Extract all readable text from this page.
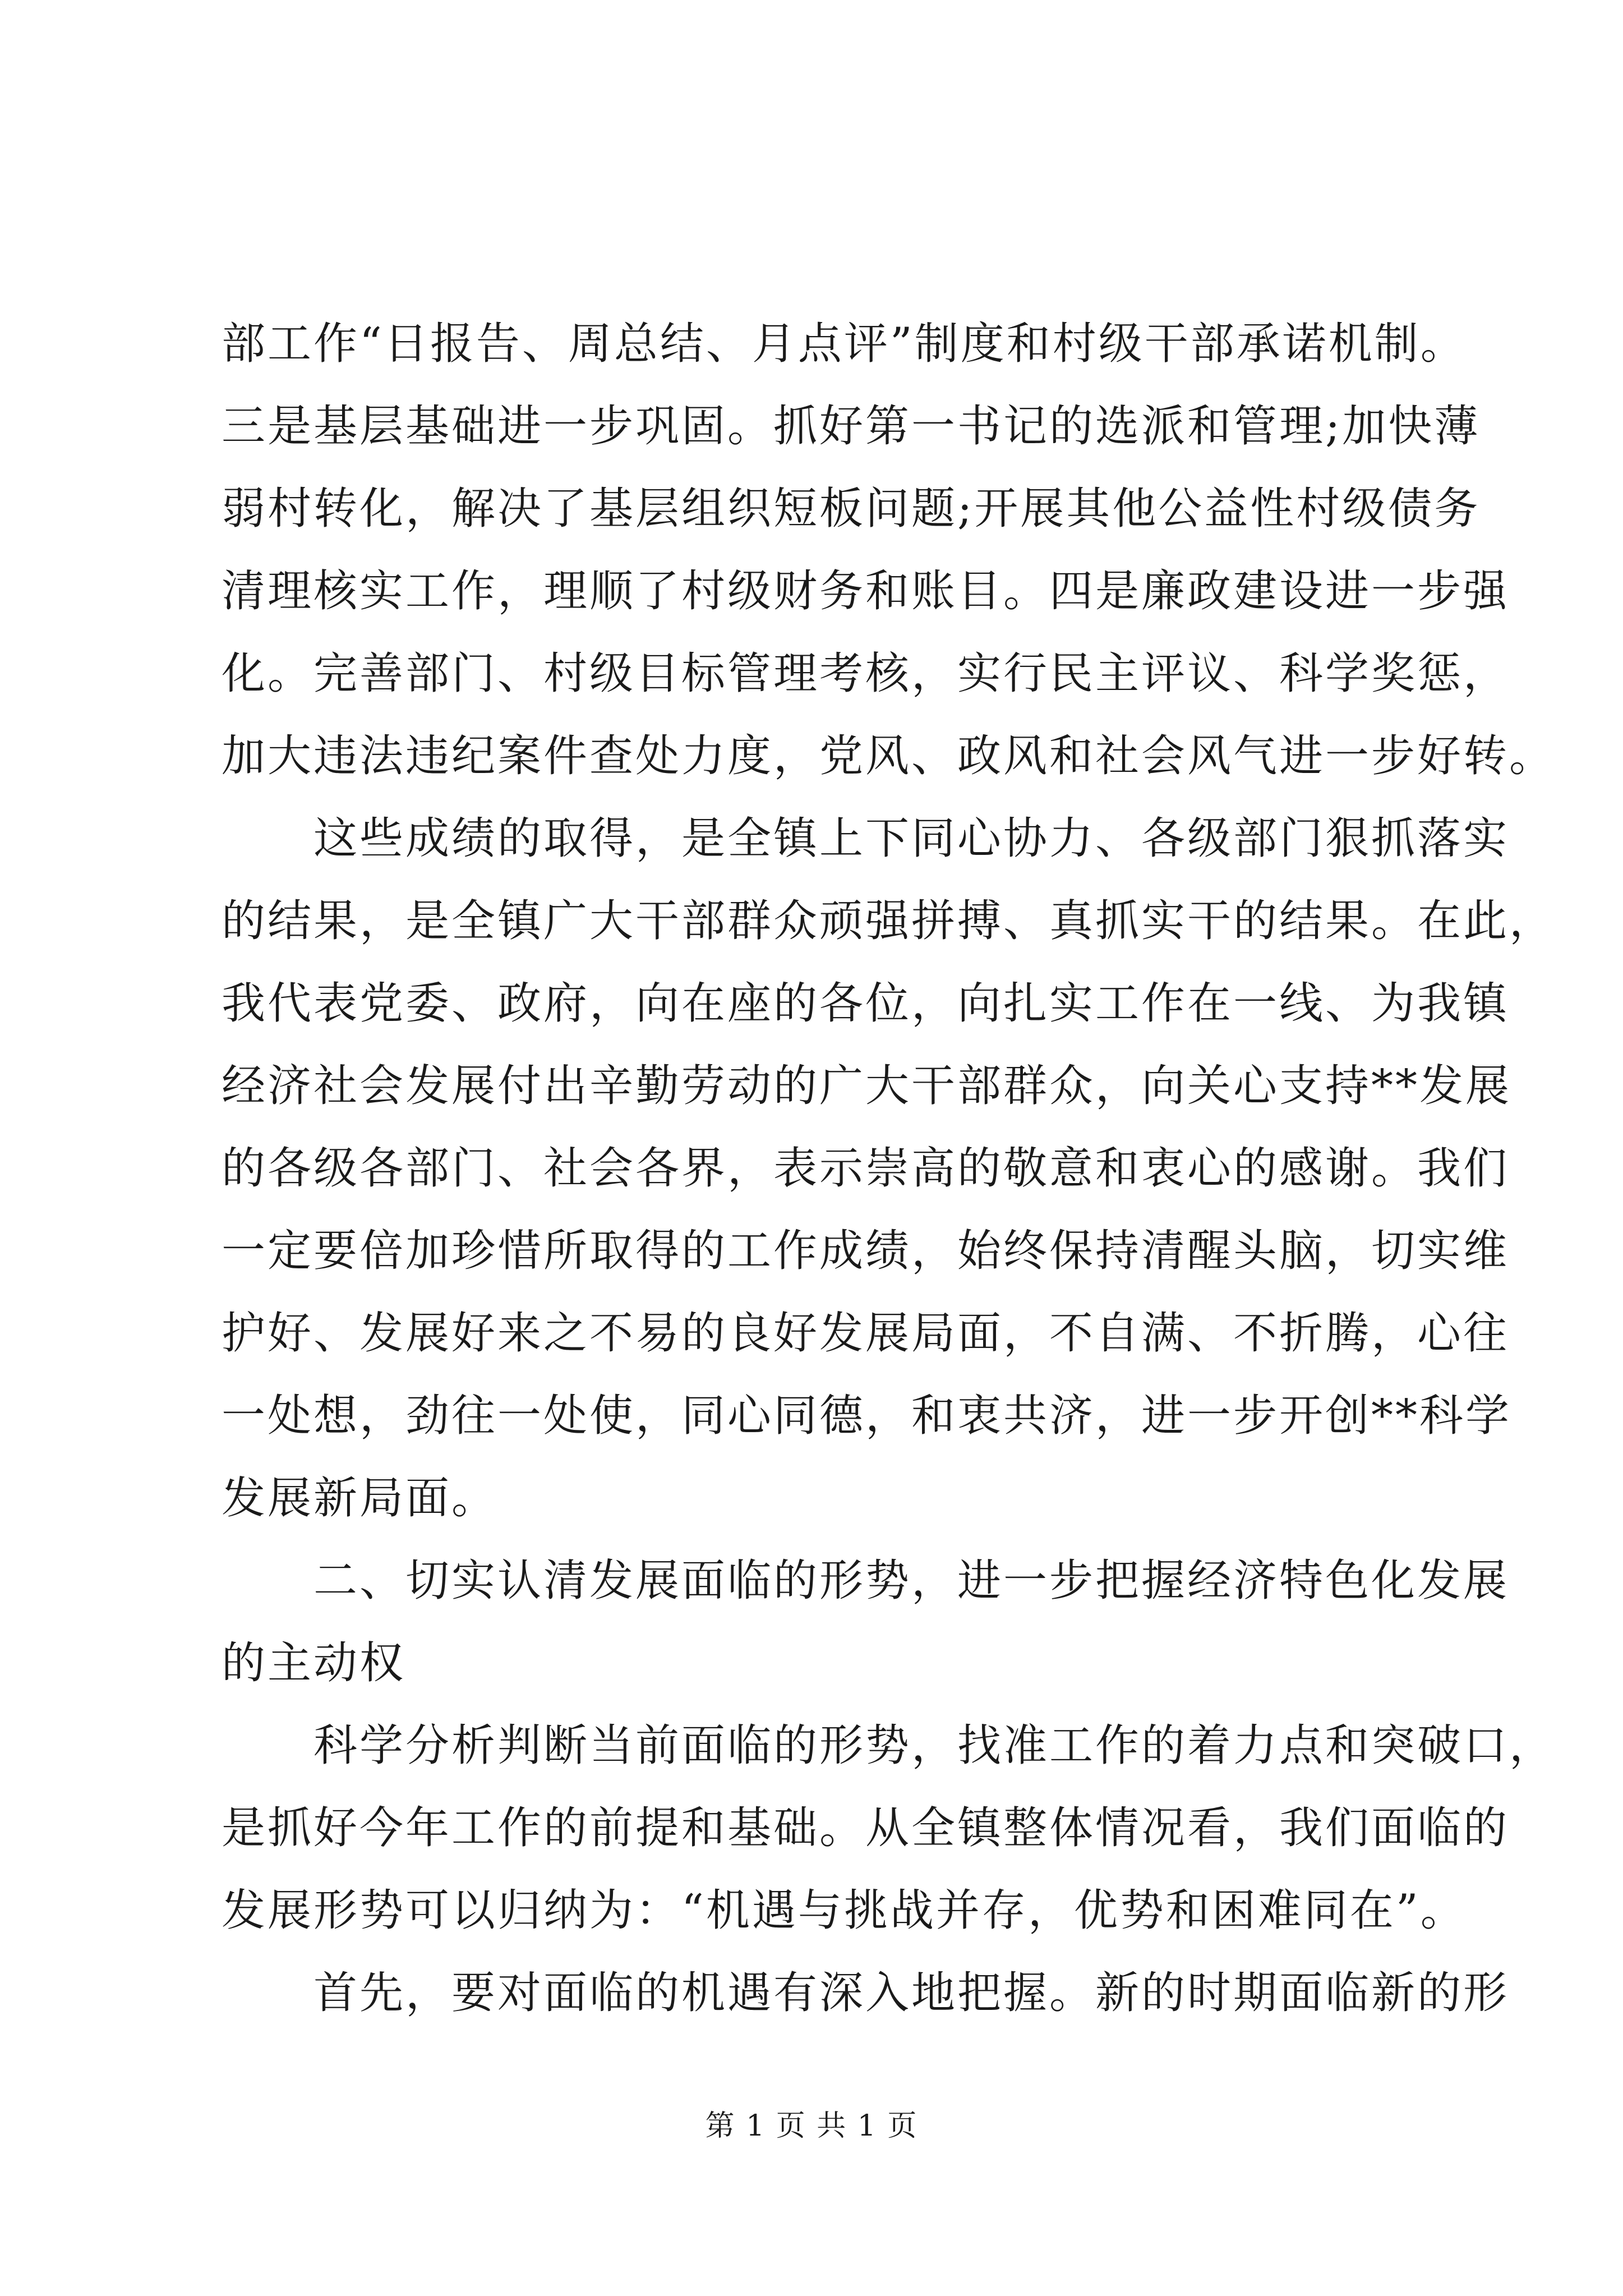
部工作“日报告、周总结、月点评”制度和村级干部承诺机制。
三是基层基础进一步巩固。抓好第一书记的选派和管理;加快薄
弱村转化，解决了基层组织短板问题;开展其他公益性村级债务
清理核实工作，理顺了村级财务和账目。四是廉政建设进一步强
化。完善部门、村级目标管理考核，实行民主评议、科学奖惩，
加大违法违纪案件查处力度，党风、政风和社会风气进一步好转。
　　这些成绩的取得，是全镇上下同心协力、各级部门狠抓落实
的结果，是全镇广大干部群众顽强拼搏、真抓实干的结果。在此，
我代表党委、政府，向在座的各位，向扎实工作在一线、为我镇
经济社会发展付出辛勤劳动的广大干部群众，向关心支持**发展
的各级各部门、社会各界，表示崇高的敬意和衷心的感谢。我们
一定要倍加珍惜所取得的工作成绩，始终保持清醒头脑，切实维
护好、发展好来之不易的良好发展局面，不自满、不折腾，心往
一处想，劲往一处使，同心同德，和衷共济，进一步开创**科学
发展新局面。
　　二、切实认清发展面临的形势，进一步把握经济特色化发展
的主动权
　　科学分析判断当前面临的形势，找准工作的着力点和突破口，
是抓好今年工作的前提和基础。从全镇整体情况看，我们面临的
发展形势可以归纳为：“机遇与挑战并存，优势和困难同在”。
　　首先，要对面临的机遇有深入地把握。新的时期面临新的形
第 1 页 共 1 页
